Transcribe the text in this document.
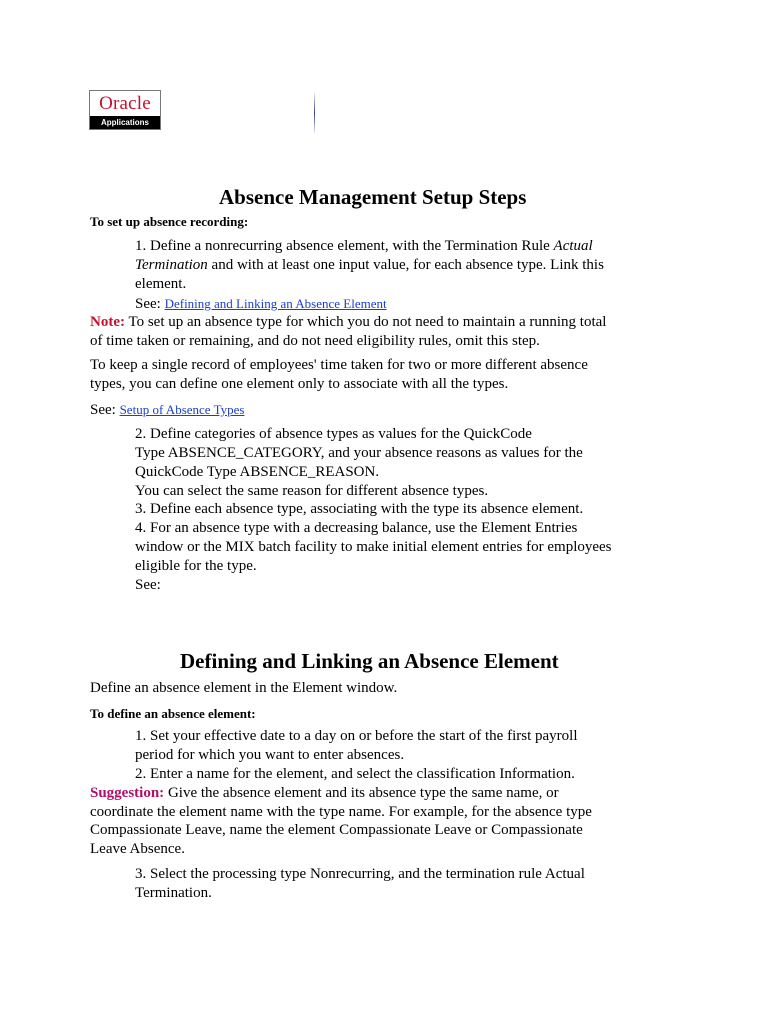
Oracle
Applications
Absence Management Setup Steps
To set up absence recording:
1. Define a nonrecurring absence element, with the Termination Rule Actual
Termination and with at least one input value, for each absence type. Link this
element.
See: Defining and Linking an Absence Element
Note: To set up an absence type for which you do not need to maintain a running total
of time taken or remaining, and do not need eligibility rules, omit this step.
To keep a single record of employees' time taken for two or more different absence
types, you can define one element only to associate with all the types.
See: Setup of Absence Types
2. Define categories of absence types as values for the QuickCode
Type ABSENCE_CATEGORY, and your absence reasons as values for the
QuickCode Type ABSENCE_REASON.
You can select the same reason for different absence types.
3. Define each absence type, associating with the type its absence element.
4. For an absence type with a decreasing balance, use the Element Entries
window or the MIX batch facility to make initial element entries for employees
eligible for the type.
See:
Defining and Linking an Absence Element
Define an absence element in the Element window.
To define an absence element:
1. Set your effective date to a day on or before the start of the first payroll
period for which you want to enter absences.
2. Enter a name for the element, and select the classification Information.
Suggestion: Give the absence element and its absence type the same name, or
coordinate the element name with the type name. For example, for the absence type
Compassionate Leave, name the element Compassionate Leave or Compassionate
Leave Absence.
3. Select the processing type Nonrecurring, and the termination rule Actual
Termination.
